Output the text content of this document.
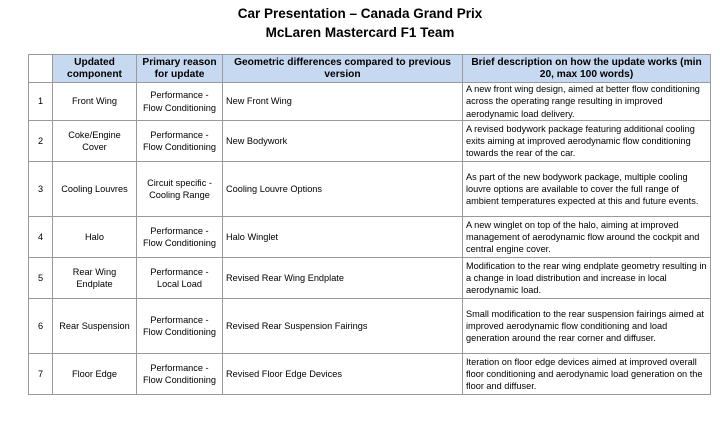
Car Presentation – Canada Grand Prix
McLaren Mastercard F1 Team
	Updated component	Primary reason for update	Geometric differences compared to previous version	Brief description on how the update works (min 20, max 100 words)
1	Front Wing	Performance - Flow Conditioning	New Front Wing	A new front wing design, aimed at better flow conditioning across the operating range resulting in improved aerodynamic load delivery.
2	Coke/Engine Cover	Performance - Flow Conditioning	New Bodywork	A revised bodywork package featuring additional cooling exits aiming at improved aerodynamic flow conditioning towards the rear of the car.
3	Cooling Louvres	Circuit specific - Cooling Range	Cooling Louvre Options	As part of the new bodywork package, multiple cooling louvre options are available to cover the full range of ambient temperatures expected at this and future events.
4	Halo	Performance - Flow Conditioning	Halo Winglet	A new winglet on top of the halo, aiming at improved management of aerodynamic flow around the cockpit and central engine cover.
5	Rear Wing Endplate	Performance - Local Load	Revised Rear Wing Endplate	Modification to the rear wing endplate geometry resulting in a change in load distribution and increase in local aerodynamic load.
6	Rear Suspension	Performance - Flow Conditioning	Revised Rear Suspension Fairings	Small modification to the rear suspension fairings aimed at improved aerodynamic flow conditioning and load generation around the rear corner and diffuser.
7	Floor Edge	Performance - Flow Conditioning	Revised Floor Edge Devices	Iteration on floor edge devices aimed at improved overall floor conditioning and aerodynamic load generation on the floor and diffuser.
